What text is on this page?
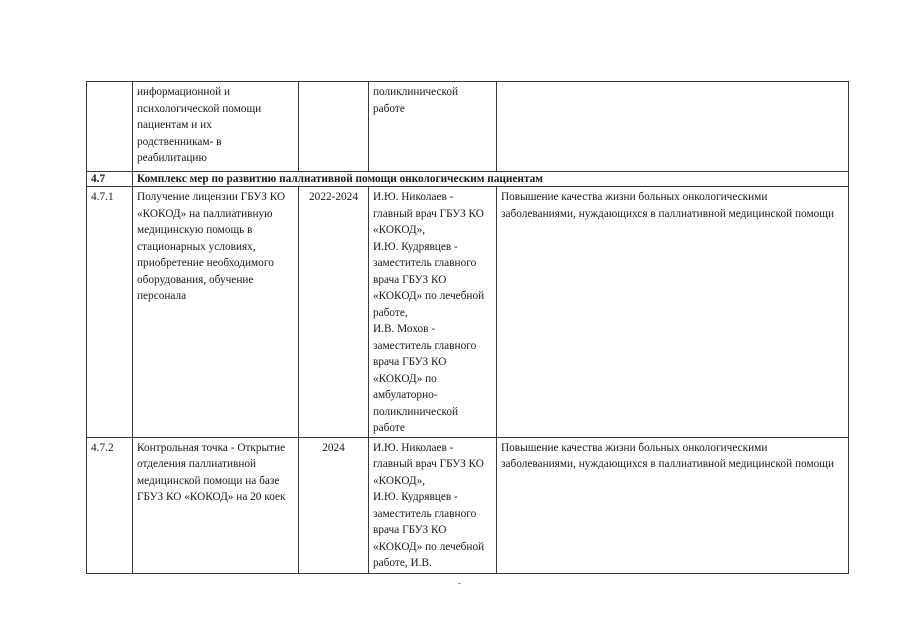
	информационной и
психологической помощи
пациентам и их
родственникам- в
реабилитацию		поликлинической
работе	
4.7	Комплекс мер по развитию паллиативной помощи онкологическим пациентам			
4.7.1	Получение лицензии ГБУЗ КО «КОКОД» на паллиативную медицинскую помощь в стационарных условиях, приобретение необходимого оборудования, обучение персонала	2022-2024	И.Ю. Николаев - главный врач ГБУЗ КО «КОКОД»,
И.Ю. Кудрявцев - заместитель главного врача ГБУЗ КО «КОКОД» по лечебной работе,
И.В. Мохов - заместитель главного врача ГБУЗ КО «КОКОД» по амбулаторно-поликлинической работе	Повышение качества жизни больных онкологическими заболеваниями, нуждающихся в паллиативной медицинской помощи
4.7.2	Контрольная точка - Открытие отделения паллиативной медицинской помощи на базе ГБУЗ КО «КОКОД» на 20 коек	2024	И.Ю. Николаев - главный врач ГБУЗ КО «КОКОД»,
И.Ю. Кудрявцев - заместитель главного врача ГБУЗ КО «КОКОД» по лечебной работе, И.В.	Повышение качества жизни больных онкологическими заболеваниями, нуждающихся в паллиативной медицинской помощи
